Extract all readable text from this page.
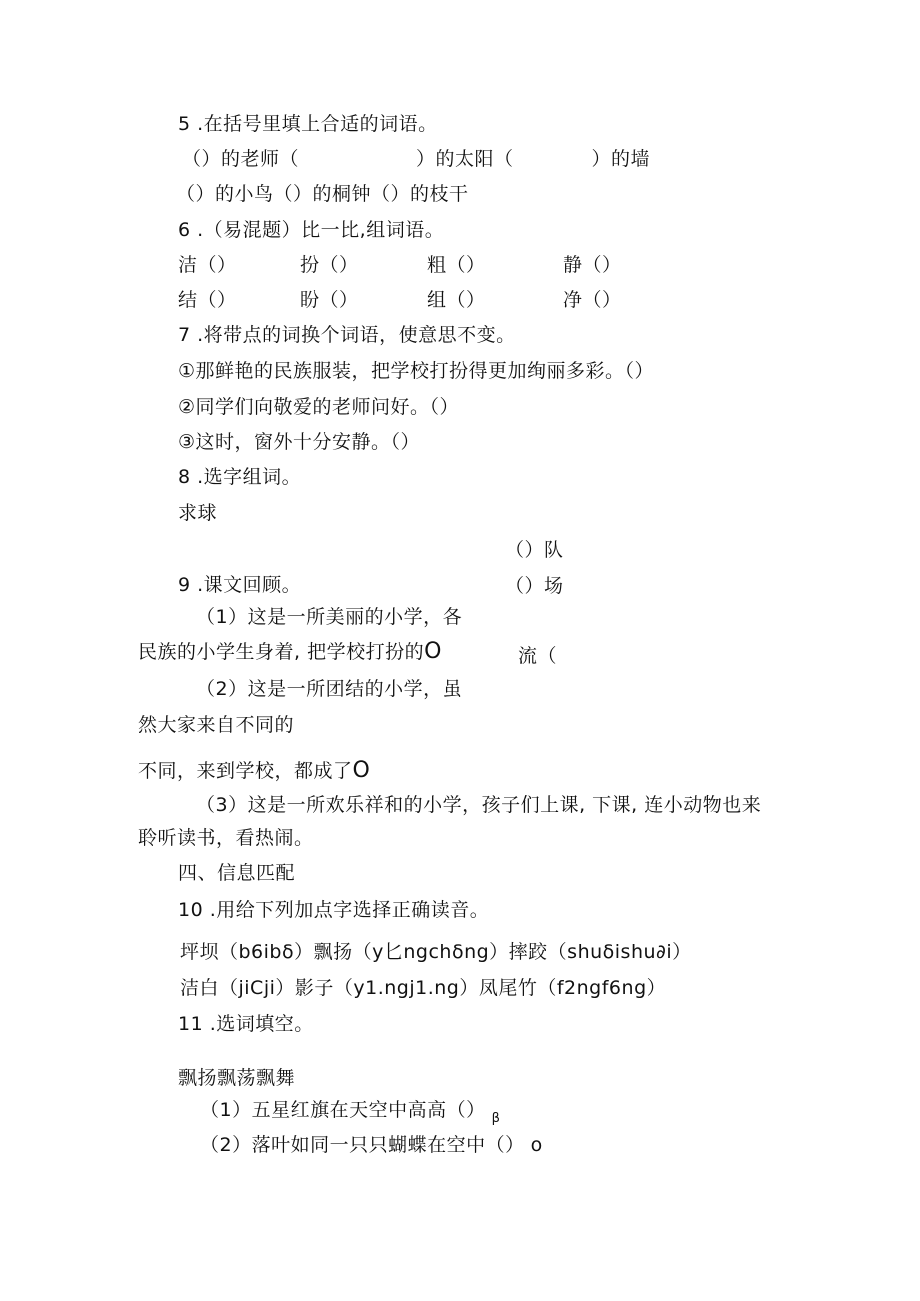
5 .在括号里填上合适的词语。
（）的老师（　　　　　　）的太阳（　　　　）的墙
（）的小鸟（）的桐钟（）的枝干
6 .（易混题）比一比,组词语。
洁（）	扮（）	粗（）	静（）
结（）	盼（）	组（）	净（）
7 .将带点的词换个词语，使意思不变。
①那鲜艳的民族服装，把学校打扮得更加绚丽多彩。（）
②同学们向敬爱的老师问好。（）
③这时，窗外十分安静。（）
8 .选字组词。
求球
（）队
（）场
流（
9 .课文回顾。
（1）这是一所美丽的小学，各
民族的小学生身着, 把学校打扮的O
（2）这是一所团结的小学，虽
然大家来自不同的
不同，来到学校，都成了O
（3）这是一所欢乐祥和的小学，孩子们上课, 下课, 连小动物也来
聆听读书，看热闹。
四、信息匹配
10 .用给下列加点字选择正确读音。
坪坝（b6ibδ）飘扬（y匕ngchδng）摔跤（shuδishu∂i）
洁白（jiCji）影子（y1.ngj1.ng）凤尾竹（f2ngf6ng）
11 .选词填空。
飘扬飘荡飘舞
（1）五星红旗在天空中高高（） $_\beta$
（2）落叶如同一只只蝴蝶在空中（） o
